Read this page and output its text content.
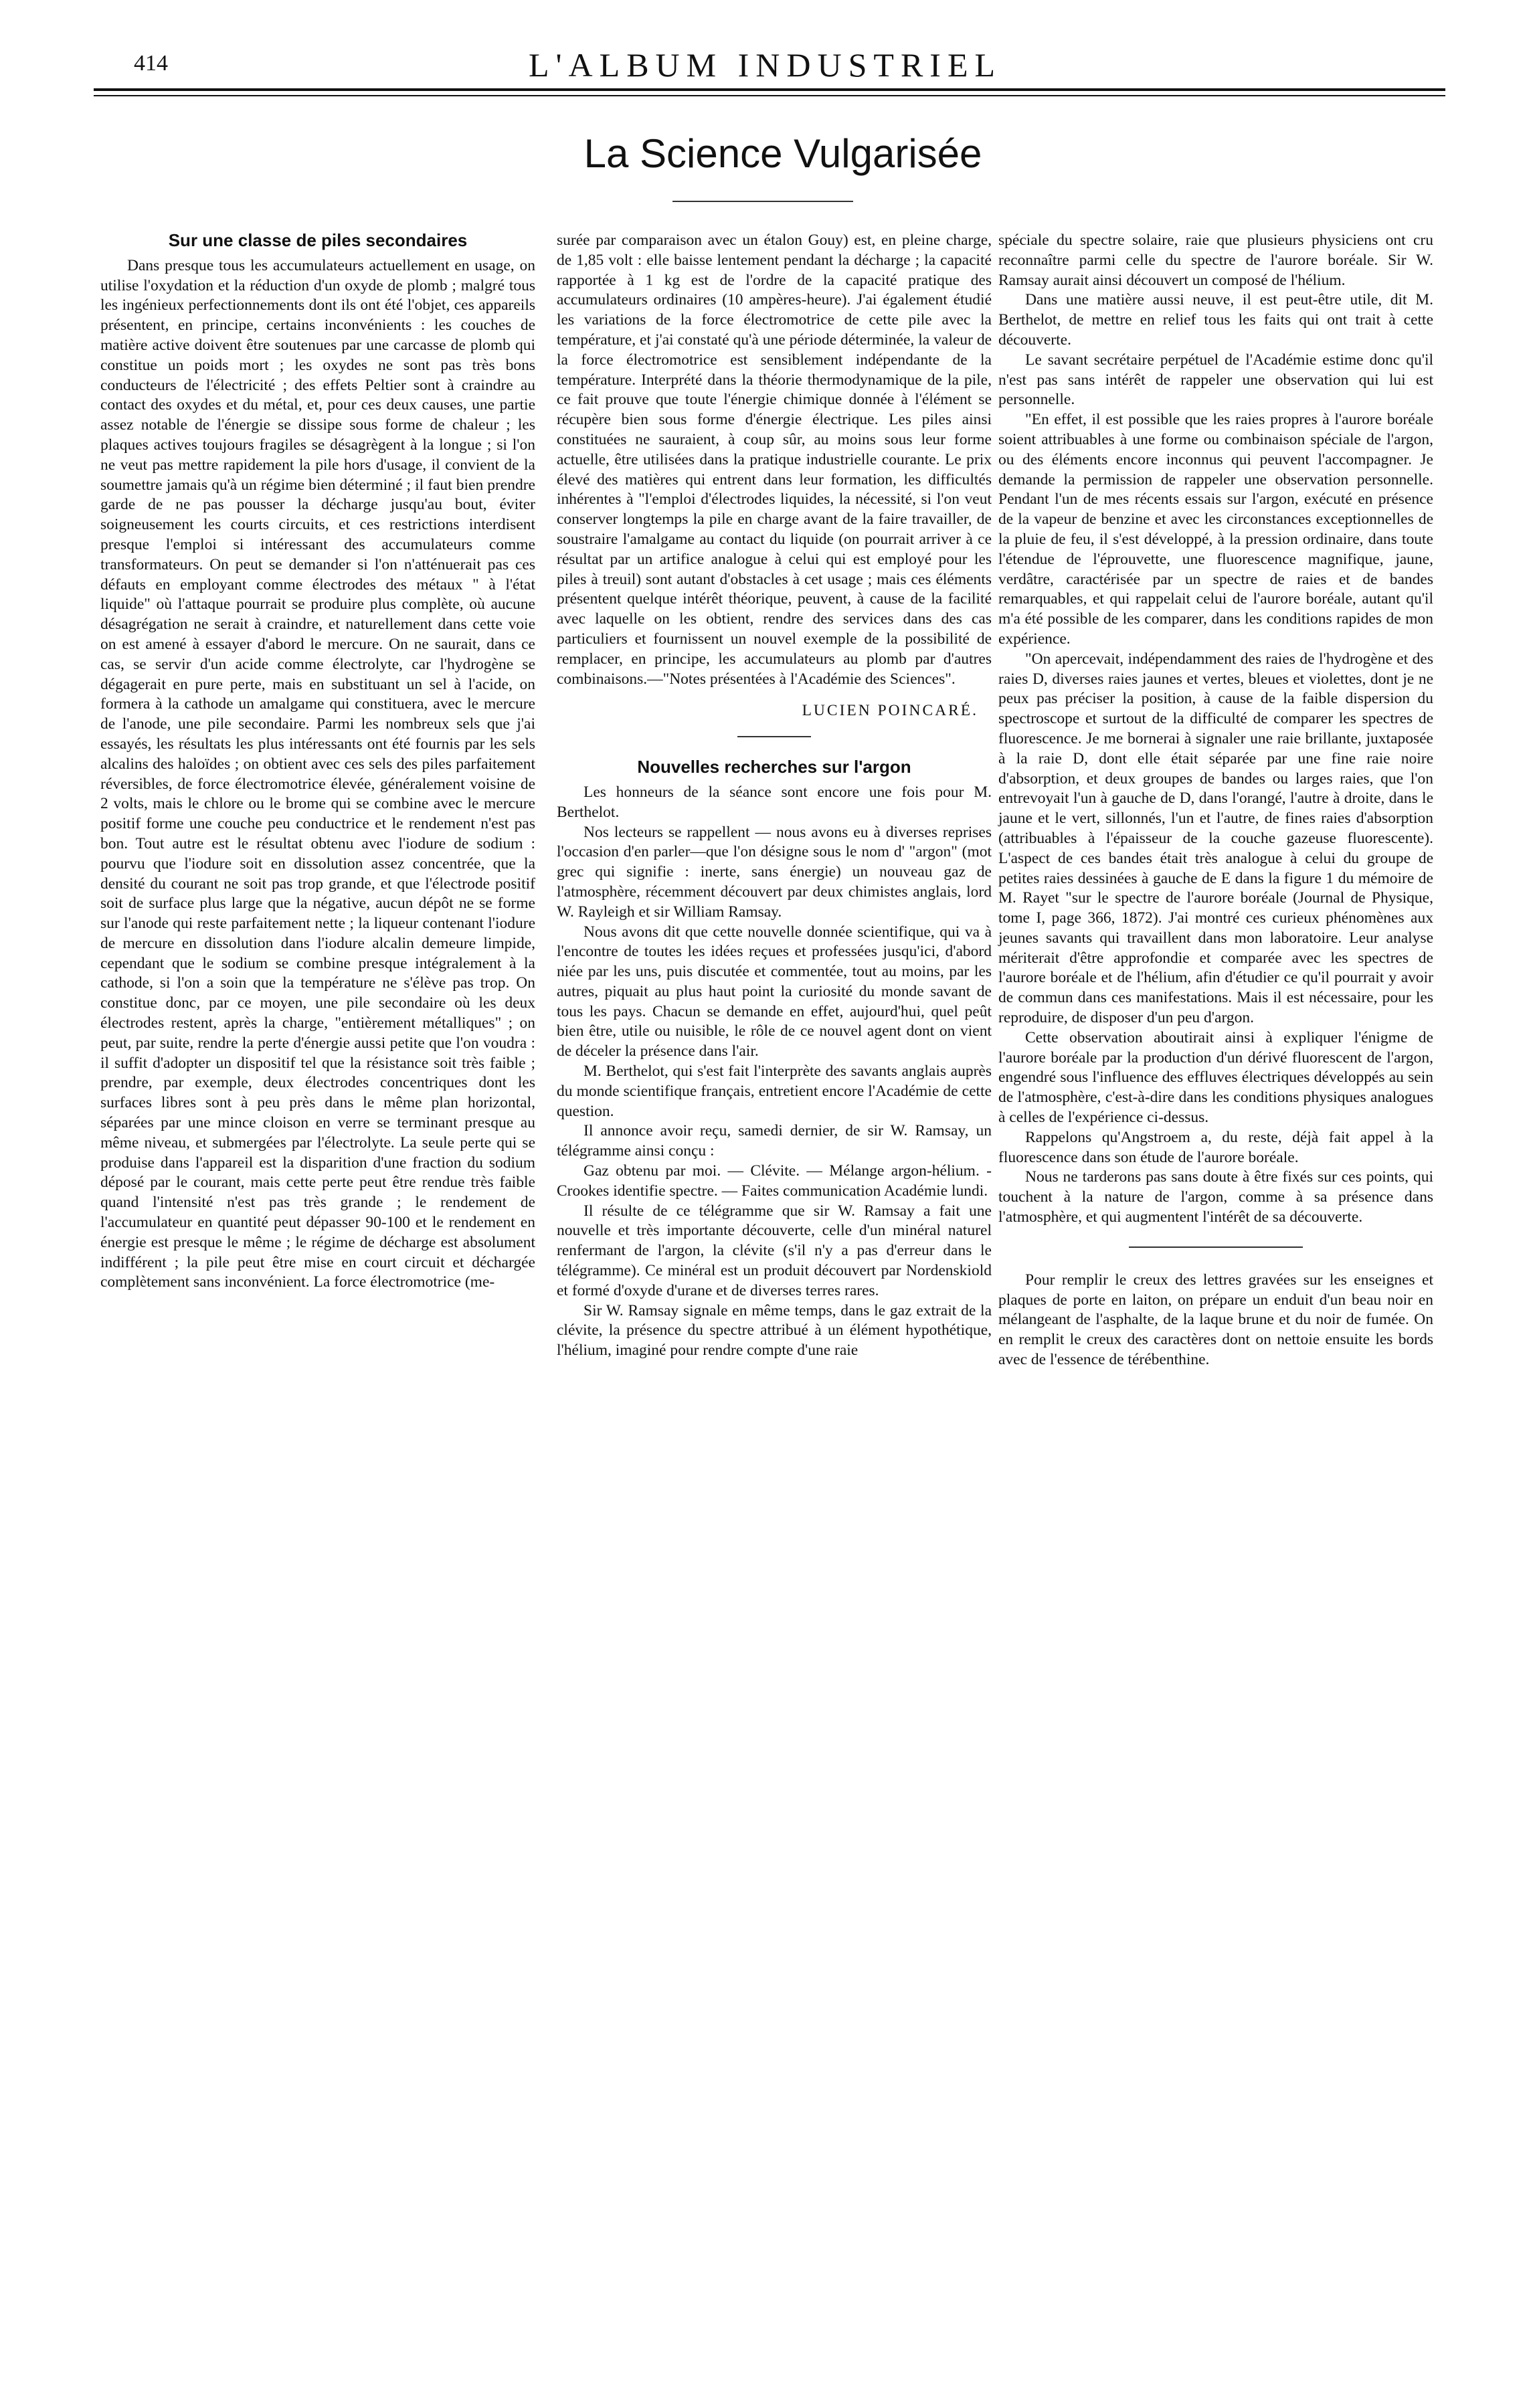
414	L'ALBUM INDUSTRIEL
La Science Vulgarisée
Sur une classe de piles secondaires

Dans presque tous les accumulateurs actuellement en usage, on utilise l'oxydation et la réduction d'un oxyde de plomb ; malgré tous les ingénieux perfectionnements dont ils ont été l'objet, ces appareils présentent, en principe, certains inconvénients : les couches de matière active doivent être soutenues par une carcasse de plomb qui constitue un poids mort ; les oxydes ne sont pas très bons conducteurs de l'électricité ; des effets Peltier sont à craindre au contact des oxydes et du métal, et, pour ces deux causes, une partie assez notable de l'énergie se dissipe sous forme de chaleur ; les plaques actives toujours fragiles se désagrègent à la longue ; si l'on ne veut pas mettre rapidement la pile hors d'usage, il convient de la soumettre jamais qu'à un régime bien déterminé ; il faut bien prendre garde de ne pas pousser la décharge jusqu'au bout, éviter soigneusement les courts circuits, et ces restrictions interdisent presque l'emploi si intéressant des accumulateurs comme transformateurs. On peut se demander si l'on n'atténuerait pas ces défauts en employant comme électrodes des métaux " à l'état liquide" où l'attaque pourrait se produire plus complète, où aucune désagrégation ne serait à craindre, et naturellement dans cette voie on est amené à essayer d'abord le mercure. On ne saurait, dans ce cas, se servir d'un acide comme électrolyte, car l'hydrogène se dégagerait en pure perte, mais en substituant un sel à l'acide, on formera à la cathode un amalgame qui constituera, avec le mercure de l'anode, une pile secondaire. Parmi les nombreux sels que j'ai essayés, les résultats les plus intéressants ont été fournis par les sels alcalins des haloïdes ; on obtient avec ces sels des piles parfaitement réversibles, de force électromotrice élevée, généralement voisine de 2 volts, mais le chlore ou le brome qui se combine avec le mercure positif forme une couche peu conductrice et le rendement n'est pas bon. Tout autre est le résultat obtenu avec l'iodure de sodium : pourvu que l'iodure soit en dissolution assez concentrée, que la densité du courant ne soit pas trop grande, et que l'électrode positif soit de surface plus large que la négative, aucun dépôt ne se forme sur l'anode qui reste parfaitement nette ; la liqueur contenant l'iodure de mercure en dissolution dans l'iodure alcalin demeure limpide, cependant que le sodium se combine presque intégralement à la cathode, si l'on a soin que la température ne s'élève pas trop. On constitue donc, par ce moyen, une pile secondaire où les deux électrodes restent, après la charge, "entièrement métalliques" ; on peut, par suite, rendre la perte d'énergie aussi petite que l'on voudra : il suffit d'adopter un dispositif tel que la résistance soit très faible ; prendre, par exemple, deux électrodes concentriques dont les surfaces libres sont à peu près dans le même plan horizontal, séparées par une mince cloison en verre se terminant presque au même niveau, et submergées par l'électrolyte. La seule perte qui se produise dans l'appareil est la disparition d'une fraction du sodium déposé par le courant, mais cette perte peut être rendue très faible quand l'intensité n'est pas très grande ; le rendement de l'accumulateur en quantité peut dépasser 90-100 et le rendement en énergie est presque le même ; le régime de décharge est absolument indifférent ; la pile peut être mise en court circuit et déchargée complètement sans inconvénient. La force électromotrice (me-

surée par comparaison avec un étalon Gouy) est, en pleine charge, de 1,85 volt : elle baisse lentement pendant la décharge ; la capacité rapportée à 1 kg est de l'ordre de la capacité pratique des accumulateurs ordinaires (10 ampères-heure). J'ai également étudié les variations de la force électromotrice de cette pile avec la température, et j'ai constaté qu'à une période déterminée, la valeur de la force électromotrice est sensiblement indépendante de la température. Interprété dans la théorie thermodynamique de la pile, ce fait prouve que toute l'énergie chimique donnée à l'élément se récupère bien sous forme d'énergie électrique. Les piles ainsi constituées ne sauraient, à coup sûr, au moins sous leur forme actuelle, être utilisées dans la pratique industrielle courante. Le prix élevé des matières qui entrent dans leur formation, les difficultés inhérentes à "l'emploi d'électrodes liquides, la nécessité, si l'on veut conserver longtemps la pile en charge avant de la faire travailler, de soustraire l'amalgame au contact du liquide (on pourrait arriver à ce résultat par un artifice analogue à celui qui est employé pour les piles à treuil) sont autant d'obstacles à cet usage ; mais ces éléments présentent quelque intérêt théorique, peuvent, à cause de la facilité avec laquelle on les obtient, rendre des services dans des cas particuliers et fournissent un nouvel exemple de la possibilité de remplacer, en principe, les accumulateurs au plomb par d'autres combinaisons.—"Notes présentées à l'Académie des Sciences".

LUCIEN POINCARÉ.

Nouvelles recherches sur l'argon

Les honneurs de la séance sont encore une fois pour M. Berthelot.

Nos lecteurs se rappellent — nous avons eu à diverses reprises l'occasion d'en parler—que l'on désigne sous le nom d' "argon" (mot grec qui signifie : inerte, sans énergie) un nouveau gaz de l'atmosphère, récemment découvert par deux chimistes anglais, lord W. Rayleigh et sir William Ramsay.

Nous avons dit que cette nouvelle donnée scientifique, qui va à l'encontre de toutes les idées reçues et professées jusqu'ici, d'abord niée par les uns, puis discutée et commentée, tout au moins, par les autres, piquait au plus haut point la curiosité du monde savant de tous les pays. Chacun se demande en effet, aujourd'hui, quel peût bien être, utile ou nuisible, le rôle de ce nouvel agent dont on vient de déceler la présence dans l'air.

M. Berthelot, qui s'est fait l'interprète des savants anglais auprès du monde scientifique français, entretient encore l'Académie de cette question.

Il annonce avoir reçu, samedi dernier, de sir W. Ramsay, un télégramme ainsi conçu :

Gaz obtenu par moi. — Clévite. — Mélange argon-hélium. - Crookes identifie spectre. — Faites communication Académie lundi.

Il résulte de ce télégramme que sir W. Ramsay a fait une nouvelle et très importante découverte, celle d'un minéral naturel renfermant de l'argon, la clévite (s'il n'y a pas d'erreur dans le télégramme). Ce minéral est un produit découvert par Nordenskiold et formé d'oxyde d'urane et de diverses terres rares.

Sir W. Ramsay signale en même temps, dans le gaz extrait de la clévite, la présence du spectre attribué à un élément hypothétique, l'hélium, imaginé pour rendre compte d'une raie

spéciale du spectre solaire, raie que plusieurs physiciens ont cru reconnaître parmi celle du spectre de l'aurore boréale. Sir W. Ramsay aurait ainsi découvert un composé de l'hélium.

Dans une matière aussi neuve, il est peut-être utile, dit M. Berthelot, de mettre en relief tous les faits qui ont trait à cette découverte.

Le savant secrétaire perpétuel de l'Académie estime donc qu'il n'est pas sans intérêt de rappeler une observation qui lui est personnelle.

"En effet, il est possible que les raies propres à l'aurore boréale soient attribuables à une forme ou combinaison spéciale de l'argon, ou des éléments encore inconnus qui peuvent l'accompagner. Je demande la permission de rappeler une observation personnelle. Pendant l'un de mes récents essais sur l'argon, exécuté en présence de la vapeur de benzine et avec les circonstances exceptionnelles de la pluie de feu, il s'est développé, à la pression ordinaire, dans toute l'étendue de l'éprouvette, une fluorescence magnifique, jaune, verdâtre, caractérisée par un spectre de raies et de bandes remarquables, et qui rappelait celui de l'aurore boréale, autant qu'il m'a été possible de les comparer, dans les conditions rapides de mon expérience.

"On apercevait, indépendamment des raies de l'hydrogène et des raies D, diverses raies jaunes et vertes, bleues et violettes, dont je ne peux pas préciser la position, à cause de la faible dispersion du spectroscope et surtout de la difficulté de comparer les spectres de fluorescence. Je me bornerai à signaler une raie brillante, juxtaposée à la raie D, dont elle était séparée par une fine raie noire d'absorption, et deux groupes de bandes ou larges raies, que l'on entrevoyait l'un à gauche de D, dans l'orangé, l'autre à droite, dans le jaune et le vert, sillonnés, l'un et l'autre, de fines raies d'absorption (attribuables à l'épaisseur de la couche gazeuse fluorescente). L'aspect de ces bandes était très analogue à celui du groupe de petites raies dessinées à gauche de E dans la figure 1 du mémoire de M. Rayet "sur le spectre de l'aurore boréale (Journal de Physique, tome I, page 366, 1872). J'ai montré ces curieux phénomènes aux jeunes savants qui travaillent dans mon laboratoire. Leur analyse mériterait d'être approfondie et comparée avec les spectres de l'aurore boréale et de l'hélium, afin d'étudier ce qu'il pourrait y avoir de commun dans ces manifestations. Mais il est nécessaire, pour les reproduire, de disposer d'un peu d'argon.

Cette observation aboutirait ainsi à expliquer l'énigme de l'aurore boréale par la production d'un dérivé fluorescent de l'argon, engendré sous l'influence des effluves électriques développés au sein de l'atmosphère, c'est-à-dire dans les conditions physiques analogues à celles de l'expérience ci-dessus.

Rappelons qu'Angstroem a, du reste, déjà fait appel à la fluorescence dans son étude de l'aurore boréale.

Nous ne tarderons pas sans doute à être fixés sur ces points, qui touchent à la nature de l'argon, comme à sa présence dans l'atmosphère, et qui augmentent l'intérêt de sa découverte.

Pour remplir le creux des lettres gravées sur les enseignes et plaques de porte en laiton, on prépare un enduit d'un beau noir en mélangeant de l'asphalte, de la laque brune et du noir de fumée. On en remplit le creux des caractères dont on nettoie ensuite les bords avec de l'essence de térébenthine.
